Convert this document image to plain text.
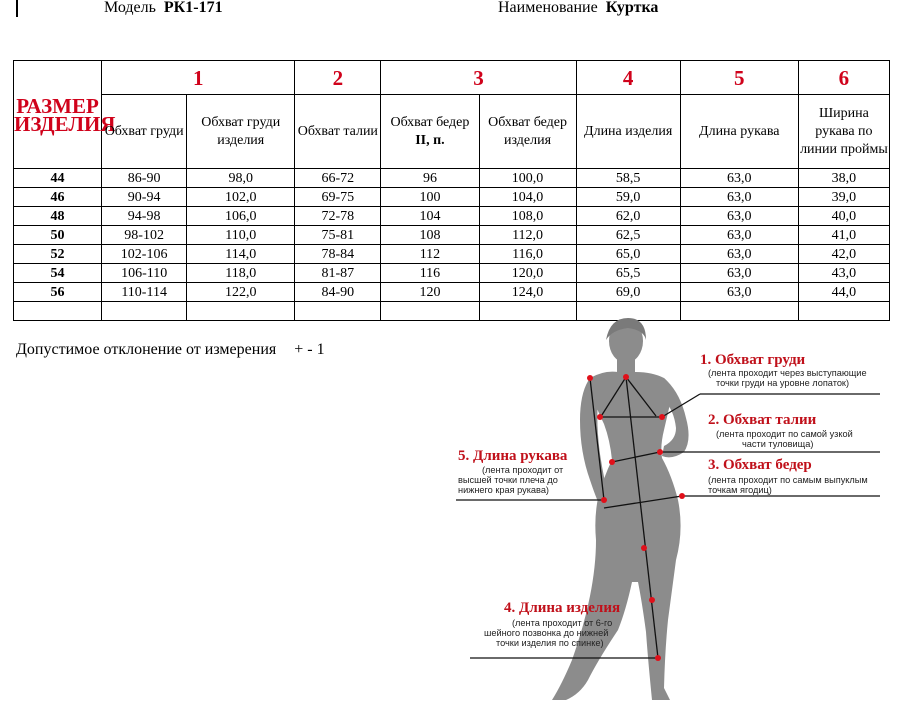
Модель РК1-171	Наименование Куртка
РАЗМЕР ИЗДЕЛИЯ	1		2	3		4	5	6
	Обхват груди	Обхват груди изделия	Обхват талии	Обхват бедер
II, п.	Обхват бедер изделия	Длина изделия	Длина рукава	Ширина рукава по линии проймы
44	86-90	98,0	66-72	96	100,0	58,5	63,0	38,0
46	90-94	102,0	69-75	100	104,0	59,0	63,0	39,0
48	94-98	106,0	72-78	104	108,0	62,0	63,0	40,0
50	98-102	110,0	75-81	108	112,0	62,5	63,0	41,0
52	102-106	114,0	78-84	112	116,0	65,0	63,0	42,0
54	106-110	118,0	81-87	116	120,0	65,5	63,0	43,0
56	110-114	122,0	84-90	120	124,0	69,0	63,0	44,0

Допустимое отклонение от измерения + - 1
1. Обхват груди
(лента проходит через выступающие
точки груди на уровне лопаток)
2. Обхват талии
(лента проходит по самой узкой
части туловища)
3. Обхват бедер
(лента проходит по самым выпуклым
точкам ягодиц)
5. Длина рукава
(лента проходит от
высшей точки плеча до
нижнего края рукава)
4. Длина изделия
(лента проходит от 6-го
шейного позвонка до нижней
точки изделия по спинке)
